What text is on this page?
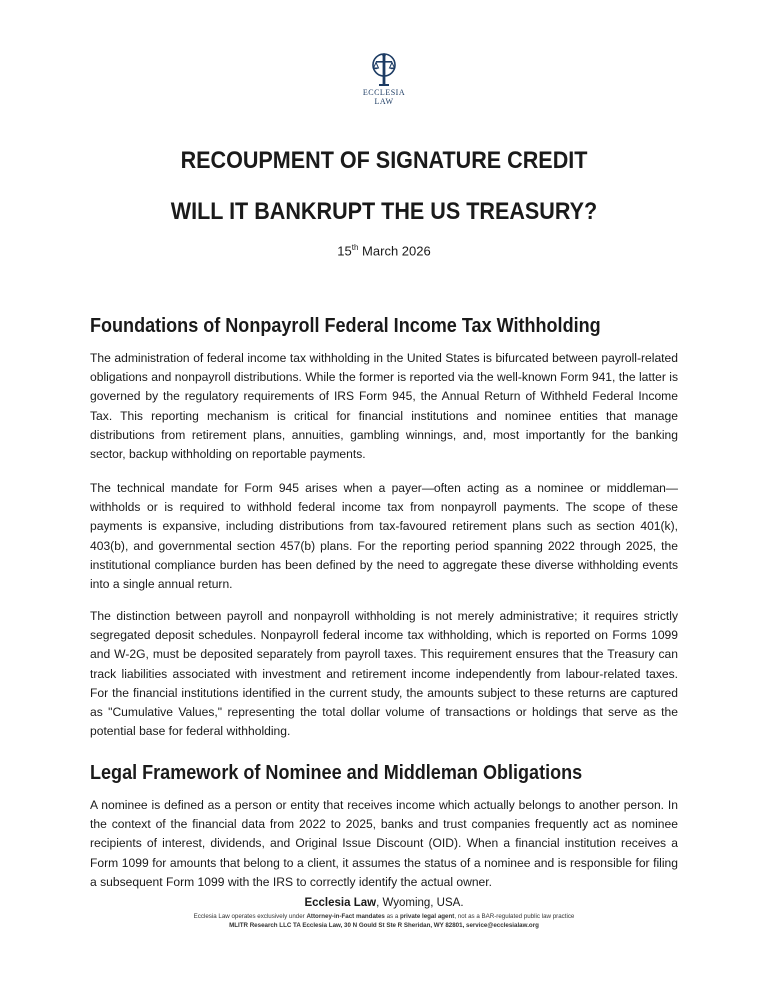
ECCLESIA
LAW
RECOUPMENT OF SIGNATURE CREDIT
WILL IT BANKRUPT THE US TREASURY?
15th March 2026
Foundations of Nonpayroll Federal Income Tax Withholding

The administration of federal income tax withholding in the United States is bifurcated between payroll-related obligations and nonpayroll distributions. While the former is reported via the well-known Form 941, the latter is governed by the regulatory requirements of IRS Form 945, the Annual Return of Withheld Federal Income Tax. This reporting mechanism is critical for financial institutions and nominee entities that manage distributions from retirement plans, annuities, gambling winnings, and, most importantly for the banking sector, backup withholding on reportable payments.

The technical mandate for Form 945 arises when a payer—often acting as a nominee or middleman—withholds or is required to withhold federal income tax from nonpayroll payments. The scope of these payments is expansive, including distributions from tax-favoured retirement plans such as section 401(k), 403(b), and governmental section 457(b) plans. For the reporting period spanning 2022 through 2025, the institutional compliance burden has been defined by the need to aggregate these diverse withholding events into a single annual return.

The distinction between payroll and nonpayroll withholding is not merely administrative; it requires strictly segregated deposit schedules. Nonpayroll federal income tax withholding, which is reported on Forms 1099 and W-2G, must be deposited separately from payroll taxes. This requirement ensures that the Treasury can track liabilities associated with investment and retirement income independently from labour-related taxes. For the financial institutions identified in the current study, the amounts subject to these returns are captured as "Cumulative Values," representing the total dollar volume of transactions or holdings that serve as the potential base for federal withholding.

Legal Framework of Nominee and Middleman Obligations

A nominee is defined as a person or entity that receives income which actually belongs to another person. In the context of the financial data from 2022 to 2025, banks and trust companies frequently act as nominee recipients of interest, dividends, and Original Issue Discount (OID). When a financial institution receives a Form 1099 for amounts that belong to a client, it assumes the status of a nominee and is responsible for filing a subsequent Form 1099 with the IRS to correctly identify the actual owner.

Ecclesia Law, Wyoming, USA.
Ecclesia Law operates exclusively under Attorney-in-Fact mandates as a private legal agent, not as a BAR-regulated public law practice
MLITR Research LLC TA Ecclesia Law, 30 N Gould St Ste R Sheridan, WY 82801, service@ecclesialaw.org
